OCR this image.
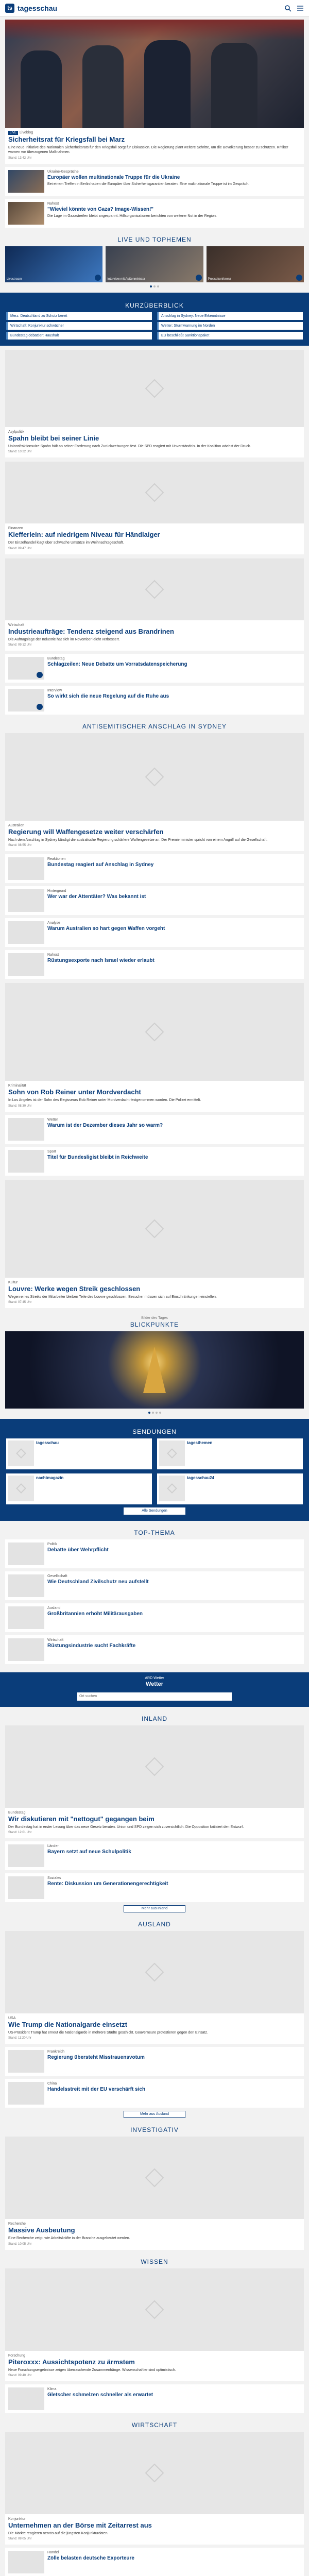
ts tagesschau
LIVE Liveblog
Sicherheitsrat für Kriegsfall bei Marz
Eine neue Initiative des Nationalen Sicherheitsrats für den Kriegsfall sorgt für Diskussion. Die Regierung plant weitere Schritte, um die Bevölkerung besser zu schützen. Kritiker warnen vor überzogenen Maßnahmen.
Stand: 13:42 Uhr
Ukraine-Gespräche
Europäer wollen multinationale Truppe für die Ukraine
Bei einem Treffen in Berlin haben die Europäer über Sicherheitsgarantien beraten. Eine multinationale Truppe ist im Gespräch.
Nahost
"Wieviel könnte von Gaza? Image-Wissen!"
Die Lage im Gazastreifen bleibt angespannt. Hilfsorganisationen berichten von weiterer Not in der Region.
LIVE UND TOPHEMEN
Livestream	Interview mit Außenminister	Pressekonferenz
KURZÜBERBLICK
Merz: Deutschland zu Schutz bereit	Anschlag in Sydney: Neue Erkenntnisse
Wirtschaft: Konjunktur schwächer	Wetter: Sturmwarnung im Norden
Bundestag debattiert Haushalt	EU beschließt Sanktionspaket
Asylpolitik
Spahn bleibt bei seiner Linie
Unionsfraktionsvize Spahn hält an seiner Forderung nach Zurückweisungen fest. Die SPD reagiert mit Unverständnis. In der Koalition wächst der Druck.
Stand: 10:22 Uhr
Finanzen
Kiefferlein: auf niedrigem Niveau für Händlaiger
Der Einzelhandel klagt über schwache Umsätze im Weihnachtsgeschäft.
Stand: 09:47 Uhr
Wirtschaft
Industrieaufträge: Tendenz steigend aus Brandrinen
Die Auftragslage der Industrie hat sich im November leicht verbessert.
Stand: 09:12 Uhr
Bundestag
Schlagzeilen: Neue Debatte um Vorratsdatenspeicherung
Interview
So wirkt sich die neue Regelung auf die Ruhe aus
ANTISEMITISCHER ANSCHLAG IN SYDNEY
Australien
Regierung will Waffengesetze weiter verschärfen
Nach dem Anschlag in Sydney kündigt die australische Regierung schärfere Waffengesetze an. Der Premierminister spricht von einem Angriff auf die Gesellschaft.
Stand: 08:55 Uhr
Reaktionen
Bundestag reagiert auf Anschlag in Sydney
Hintergrund
Wer war der Attentäter? Was bekannt ist
Analyse
Warum Australien so hart gegen Waffen vorgeht
Nahost
Rüstungsexporte nach Israel wieder erlaubt
Kriminalität
Sohn von Rob Reiner unter Mordverdacht
In Los Angeles ist der Sohn des Regisseurs Rob Reiner unter Mordverdacht festgenommen worden. Die Polizei ermittelt.
Stand: 08:30 Uhr
Wetter
Warum ist der Dezember dieses Jahr so warm?
Sport
Titel für Bundesligist bleibt in Reichweite
Kultur
Louvre: Werke wegen Streik geschlossen
Wegen eines Streiks der Mitarbeiter bleiben Teile des Louvre geschlossen. Besucher müssen sich auf Einschränkungen einstellen.
Stand: 07:45 Uhr
Bilder des Tages
BLICKPUNKTE
SENDUNGEN
tagesschau	tagesthemen
nachtmagazin	tagesschau24
Alle Sendungen
TOP-THEMA
Politik
Debatte über Wehrpflicht
Gesellschaft
Wie Deutschland Zivilschutz neu aufstellt
Ausland
Großbritannien erhöht Militärausgaben
Wirtschaft
Rüstungsindustrie sucht Fachkräfte
ARD Wetter
Wetter
Ort suchen
INLAND
Bundestag
Wir diskutieren mit "nettogut" gegangen beim
Der Bundestag hat in erster Lesung über das neue Gesetz beraten. Union und SPD zeigen sich zuversichtlich. Die Opposition kritisiert den Entwurf.
Stand: 12:01 Uhr
Länder
Bayern setzt auf neue Schulpolitik
Soziales
Rente: Diskussion um Generationengerechtigkeit
Mehr aus Inland
AUSLAND
USA
Wie Trump die Nationalgarde einsetzt
US-Präsident Trump hat erneut die Nationalgarde in mehrere Städte geschickt. Gouverneure protestieren gegen den Einsatz.
Stand: 11:20 Uhr
Frankreich
Regierung übersteht Misstrauensvotum
China
Handelsstreit mit der EU verschärft sich
Mehr aus Ausland
INVESTIGATIV
Recherche
Massive Ausbeutung
Eine Recherche zeigt, wie Arbeitskräfte in der Branche ausgebeutet werden.
Stand: 10:05 Uhr
WISSEN
Forschung
Piteroxxx: Aussichtspotenz zu ärmstem
Neue Forschungsergebnisse zeigen überraschende Zusammenhänge. Wissenschaftler sind optimistisch.
Stand: 09:40 Uhr
Klima
Gletscher schmelzen schneller als erwartet
WIRTSCHAFT
Konjunktur
Unternehmen an der Börse mit Zeitarrest aus
Die Märkte reagieren nervös auf die jüngsten Konjunkturdaten.
Stand: 09:05 Uhr
Handel
Zölle belasten deutsche Exporteure
